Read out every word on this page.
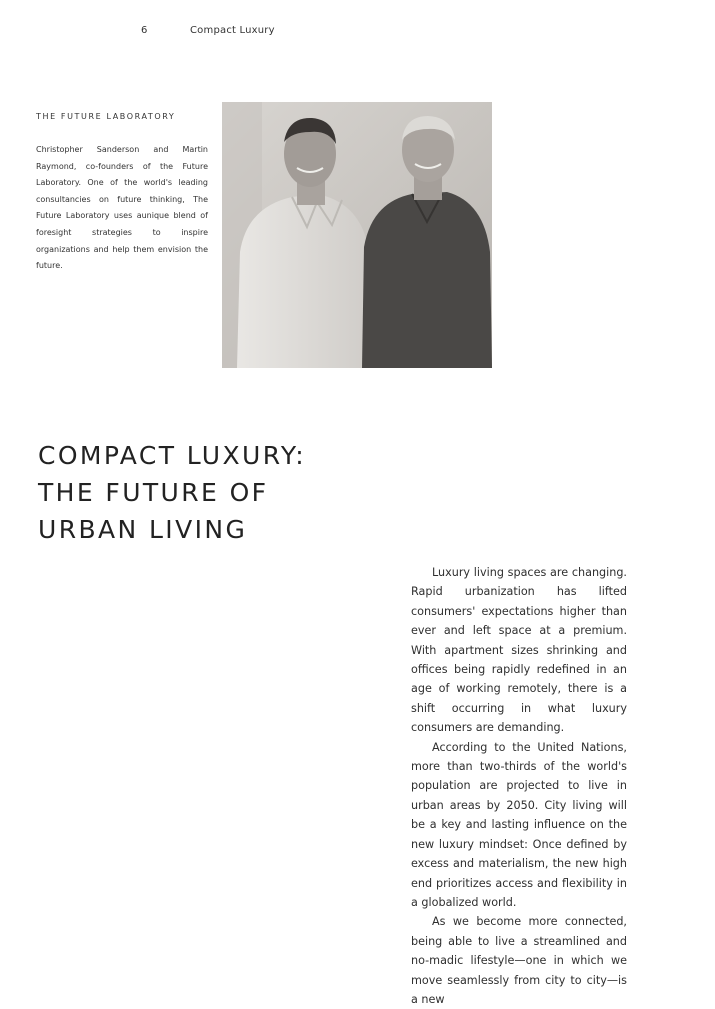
6	Compact Luxury
THE FUTURE LABORATORY

Christopher Sanderson and Martin Raymond, co-founders of the Future Laboratory. One of the world's leading consultancies on future thinking, The Future Laboratory uses aunique blend of foresight strategies to inspire organizations and help them envision the future.

COMPACT LUXURY:
THE FUTURE OF
URBAN LIVING

Luxury living spaces are changing. Rapid urbanization has lifted consumers' expectations higher than ever and left space at a premium. With apartment sizes shrinking and offices being rapidly redefined in an age of working remotely, there is a shift occurring in what luxury consumers are demanding.

According to the United Nations, more than two-thirds of the world's population are projected to live in urban areas by 2050. City living will be a key and lasting influence on the new luxury mindset: Once defined by excess and materialism, the new high end prioritizes access and flexibility in a globalized world.

As we become more connected, being able to live a streamlined and no-madic lifestyle—one in which we move seamlessly from city to city—is a new
